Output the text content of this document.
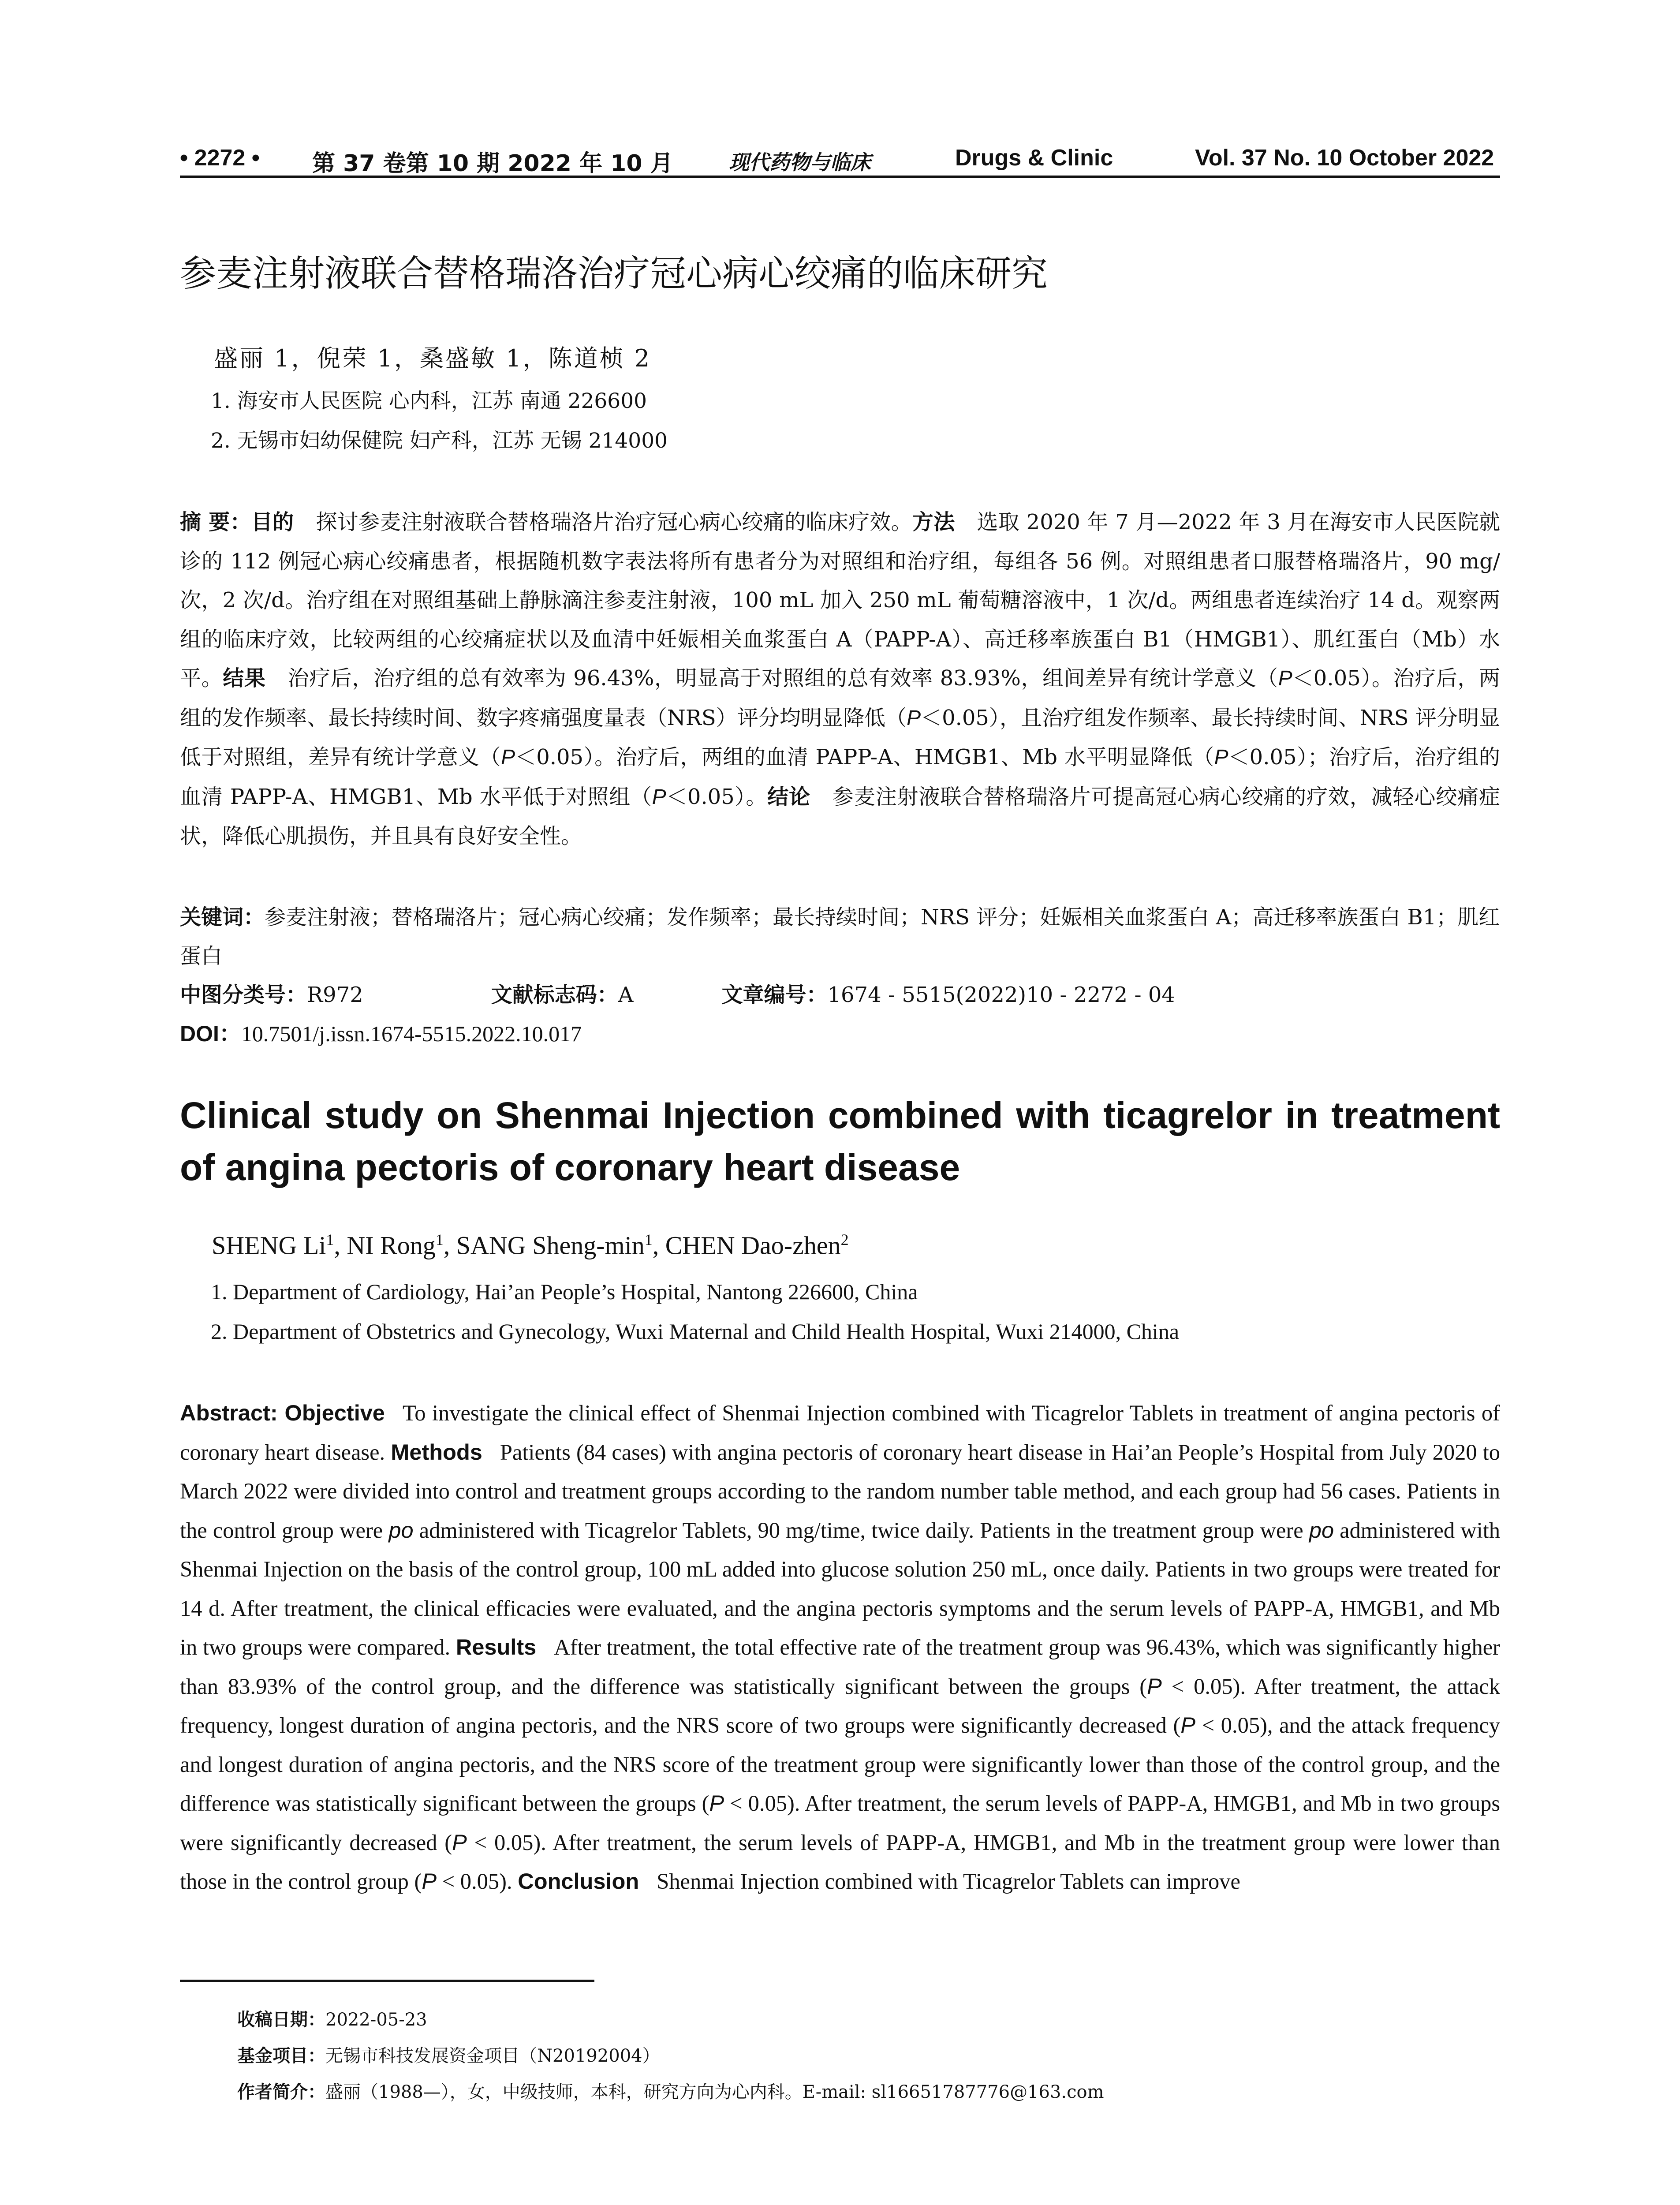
• 2272 • 第 37 卷第 10 期 2022 年 10 月	现代药物与临床	Drugs & Clinic	Vol. 37 No. 10 October 2022
参麦注射液联合替格瑞洛治疗冠心病心绞痛的临床研究
盛丽 1，倪荣 1，桑盛敏 1，陈道桢 2
1. 海安市人民医院 心内科，江苏 南通 226600
2. 无锡市妇幼保健院 妇产科，江苏 无锡 214000
摘 要：目的 探讨参麦注射液联合替格瑞洛片治疗冠心病心绞痛的临床疗效。方法 选取 2020 年 7 月—2022 年 3 月在海安市人民医院就诊的 112 例冠心病心绞痛患者，根据随机数字表法将所有患者分为对照组和治疗组，每组各 56 例。对照组患者口服替格瑞洛片，90 mg/次，2 次/d。治疗组在对照组基础上静脉滴注参麦注射液，100 mL 加入 250 mL 葡萄糖溶液中，1 次/d。两组患者连续治疗 14 d。观察两组的临床疗效，比较两组的心绞痛症状以及血清中妊娠相关血浆蛋白 A（PAPP-A）、高迁移率族蛋白 B1（HMGB1）、肌红蛋白（Mb）水平。结果 治疗后，治疗组的总有效率为 96.43%，明显高于对照组的总有效率 83.93%，组间差异有统计学意义（P＜0.05）。治疗后，两组的发作频率、最长持续时间、数字疼痛强度量表（NRS）评分均明显降低（P＜0.05），且治疗组发作频率、最长持续时间、NRS 评分明显低于对照组，差异有统计学意义（P＜0.05）。治疗后，两组的血清 PAPP-A、HMGB1、Mb 水平明显降低（P＜0.05）；治疗后，治疗组的血清 PAPP-A、HMGB1、Mb 水平低于对照组（P＜0.05）。结论 参麦注射液联合替格瑞洛片可提高冠心病心绞痛的疗效，减轻心绞痛症状，降低心肌损伤，并且具有良好安全性。
关键词：参麦注射液；替格瑞洛片；冠心病心绞痛；发作频率；最长持续时间；NRS 评分；妊娠相关血浆蛋白 A；高迁移率族蛋白 B1；肌红蛋白
中图分类号：R972	文献标志码：A	文章编号：1674 - 5515(2022)10 - 2272 - 04
DOI：10.7501/j.issn.1674-5515.2022.10.017
Clinical study on Shenmai Injection combined with ticagrelor in treatment of angina pectoris of coronary heart disease
SHENG Li$^1$, NI Rong$^1$, SANG Sheng-$\min^1$, CHEN Dao-zhen$^2$
1. Department of Cardiology, Hai’an People’s Hospital, Nantong 226600, China
2. Department of Obstetrics and Gynecology, Wuxi Maternal and Child Health Hospital, Wuxi 214000, China
Abstract: Objective To investigate the clinical effect of Shenmai Injection combined with Ticagrelor Tablets in treatment of angina pectoris of coronary heart disease. Methods Patients (84 cases) with angina pectoris of coronary heart disease in Hai’an People’s Hospital from July 2020 to March 2022 were divided into control and treatment groups according to the random number table method, and each group had 56 cases. Patients in the control group were po administered with Ticagrelor Tablets, 90 mg/time, twice daily. Patients in the treatment group were po administered with Shenmai Injection on the basis of the control group, 100 mL added into glucose solution 250 mL, once daily. Patients in two groups were treated for 14 d. After treatment, the clinical efficacies were evaluated, and the angina pectoris symptoms and the serum levels of PAPP-A, HMGB1, and Mb in two groups were compared. Results After treatment, the total effective rate of the treatment group was 96.43%, which was significantly higher than 83.93% of the control group, and the difference was statistically significant between the groups (P < 0.05). After treatment, the attack frequency, longest duration of angina pectoris, and the NRS score of two groups were significantly decreased (P < 0.05), and the attack frequency and longest duration of angina pectoris, and the NRS score of the treatment group were significantly lower than those of the control group, and the difference was statistically significant between the groups (P < 0.05). After treatment, the serum levels of PAPP-A, HMGB1, and Mb in two groups were significantly decreased (P < 0.05). After treatment, the serum levels of PAPP-A, HMGB1, and Mb in the treatment group were lower than those in the control group (P < 0.05). Conclusion Shenmai Injection combined with Ticagrelor Tablets can improve
收稿日期：2022-05-23
基金项目：无锡市科技发展资金项目（N20192004）
作者简介：盛丽（1988—），女，中级技师，本科，研究方向为心内科。E-mail: sl16651787776@163.com
